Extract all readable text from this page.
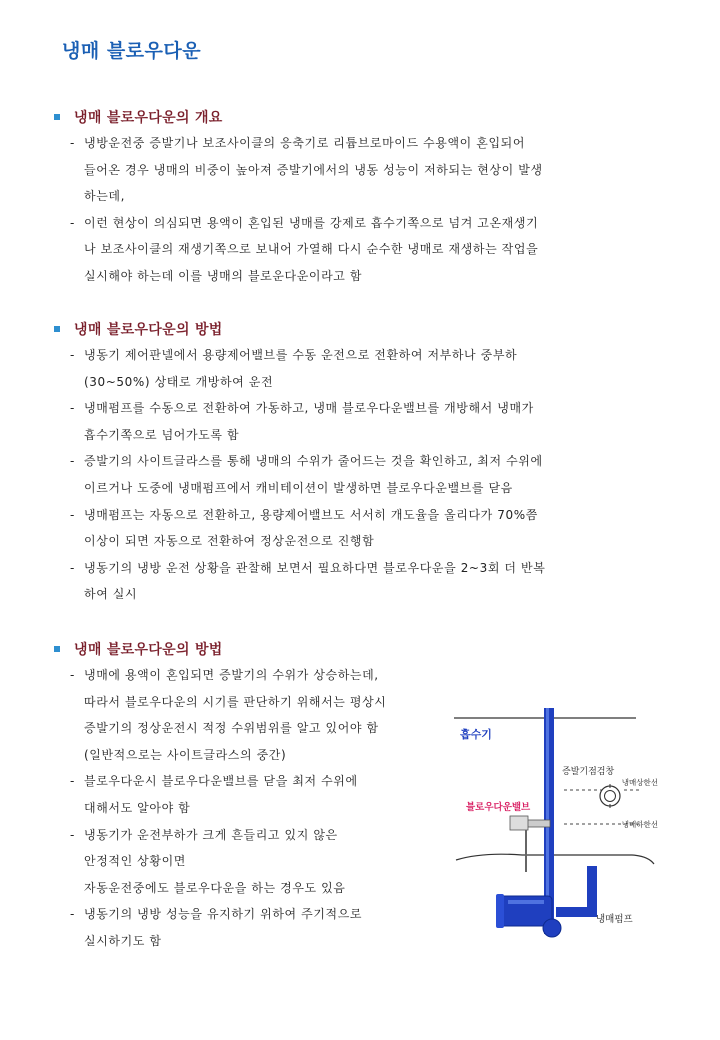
냉매 블로우다운
냉매 블로우다운의 개요
- 냉방운전중 증발기나 보조사이클의 응축기로 리튬브로마이드 수용액이 혼입되어
들어온 경우 냉매의 비중이 높아져 증발기에서의 냉동 성능이 저하되는 현상이 발생
하는데,
- 이런 현상이 의심되면 용액이 혼입된 냉매를 강제로 흡수기쪽으로 넘겨 고온재생기
나 보조사이클의 재생기쪽으로 보내어 가열해 다시 순수한 냉매로 재생하는 작업을
실시해야 하는데 이를 냉매의 블로운다운이라고 함
냉매 블로우다운의 방법
- 냉동기 제어판넬에서 용량제어밸브를 수동 운전으로 전환하여 저부하나 중부하
(30~50%) 상태로 개방하여 운전
- 냉매펌프를 수동으로 전환하여 가동하고, 냉매 블로우다운밸브를 개방해서 냉매가
흡수기쪽으로 넘어가도록 함
- 증발기의 사이트글라스를 통해 냉매의 수위가 줄어드는 것을 확인하고, 최저 수위에
이르거나 도중에 냉매펌프에서 캐비테이션이 발생하면 블로우다운밸브를 닫음
- 냉매펌프는 자동으로 전환하고, 용량제어밸브도 서서히 개도율을 올리다가 70%쯤
이상이 되면 자동으로 전환하여 정상운전으로 진행함
- 냉동기의 냉방 운전 상황을 관찰해 보면서 필요하다면 블로우다운을 2~3회 더 반복
하여 실시
냉매 블로우다운의 방법
- 냉매에 용액이 혼입되면 증발기의 수위가 상승하는데,
따라서 블로우다운의 시기를 판단하기 위해서는 평상시
증발기의 정상운전시 적정 수위범위를 알고 있어야 함
(일반적으로는 사이트글라스의 중간)
- 블로우다운시 블로우다운밸브를 닫을 최저 수위에
대해서도 알아야 함
- 냉동기가 운전부하가 크게 흔들리고 있지 않은
안정적인 상황이면
자동운전중에도 블로우다운을 하는 경우도 있음
- 냉동기의 냉방 성능을 유지하기 위하여 주기적으로
실시하기도 함
흡수기
증발기점검창
냉매상한선
냉매하한선
블로우다운밸브
냉매펌프
